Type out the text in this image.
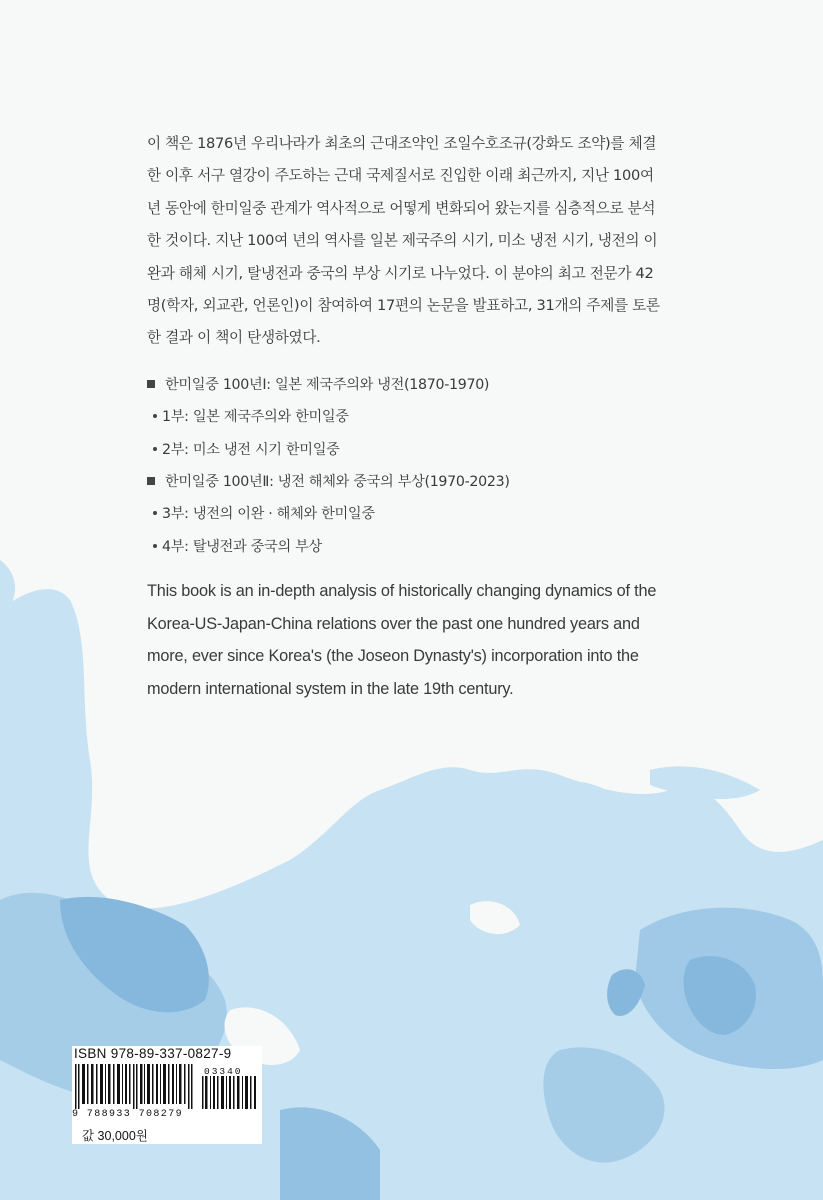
이 책은 1876년 우리나라가 최초의 근대조약인 조일수호조규(강화도 조약)를 체결한 이후 서구 열강이 주도하는 근대 국제질서로 진입한 이래 최근까지, 지난 100여 년 동안에 한미일중 관계가 역사적으로 어떻게 변화되어 왔는지를 심층적으로 분석한 것이다. 지난 100여 년의 역사를 일본 제국주의 시기, 미소 냉전 시기, 냉전의 이완과 해체 시기, 탈냉전과 중국의 부상 시기로 나누었다. 이 분야의 최고 전문가 42명(학자, 외교관, 언론인)이 참여하여 17편의 논문을 발표하고, 31개의 주제를 토론한 결과 이 책이 탄생하였다.

한미일중 100년Ⅰ: 일본 제국주의와 냉전(1870-1970)
1부: 일본 제국주의와 한미일중
2부: 미소 냉전 시기 한미일중
한미일중 100년Ⅱ: 냉전 해체와 중국의 부상(1970-2023)
3부: 냉전의 이완 · 해체와 한미일중
4부: 탈냉전과 중국의 부상

This book is an in-depth analysis of historically changing dynamics of the Korea-US-Japan-China relations over the past one hundred years and more, ever since Korea's (the Joseon Dynasty's) incorporation into the modern international system in the late 19th century.

ISBN 978-89-337-0827-9
9 788933 708279
03340
값 30,000원
